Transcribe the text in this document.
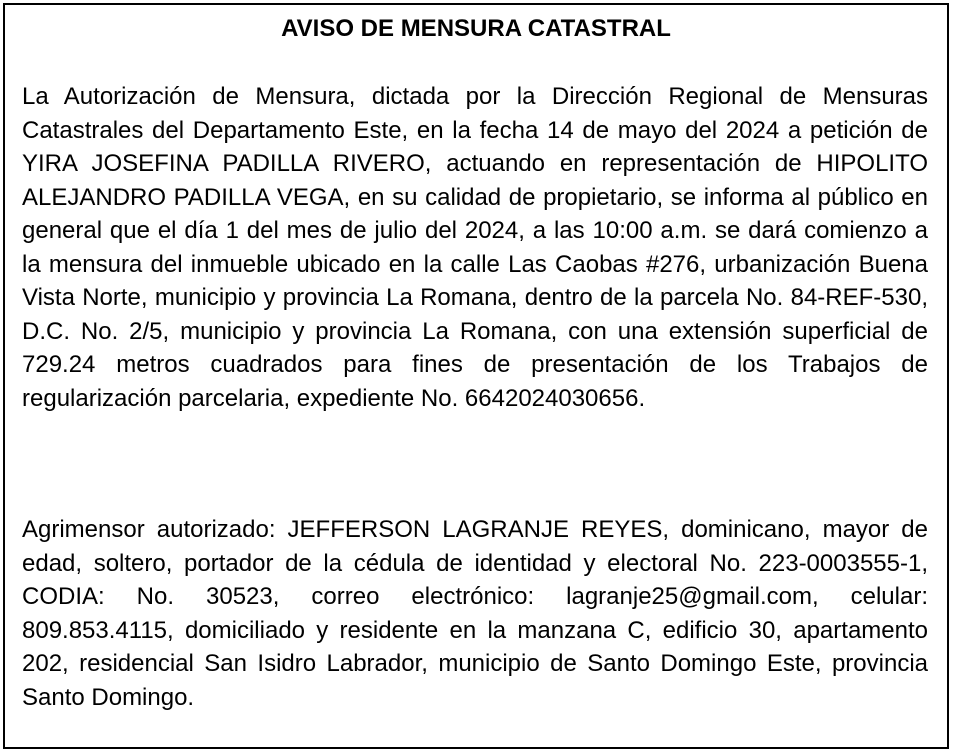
AVISO DE MENSURA CATASTRAL

La Autorización de Mensura, dictada por la Dirección Regional de Mensuras Catastrales del Departamento Este, en la fecha 14 de mayo del 2024 a petición de YIRA JOSEFINA PADILLA RIVERO, actuando en representación de HIPOLITO ALEJANDRO PADILLA VEGA, en su calidad de propietario, se informa al público en general que el día 1 del mes de julio del 2024, a las 10:00 a.m. se dará comienzo a la mensura del inmueble ubicado en la calle Las Caobas #276, urbanización Buena Vista Norte, municipio y provincia La Romana, dentro de la parcela No. 84-REF-530, D.C. No. 2/5, municipio y provincia La Romana, con una extensión superficial de 729.24 metros cuadrados para fines de presentación de los Trabajos de regularización parcelaria, expediente No. 6642024030656.

Agrimensor autorizado: JEFFERSON LAGRANJE REYES, dominicano, mayor de edad, soltero, portador de la cédula de identidad y electoral No. 223-0003555-1, CODIA: No. 30523, correo electrónico: lagranje25@gmail.com, celular: 809.853.4115, domiciliado y residente en la manzana C, edificio 30, apartamento 202, residencial San Isidro Labrador, municipio de Santo Domingo Este, provincia Santo Domingo.
